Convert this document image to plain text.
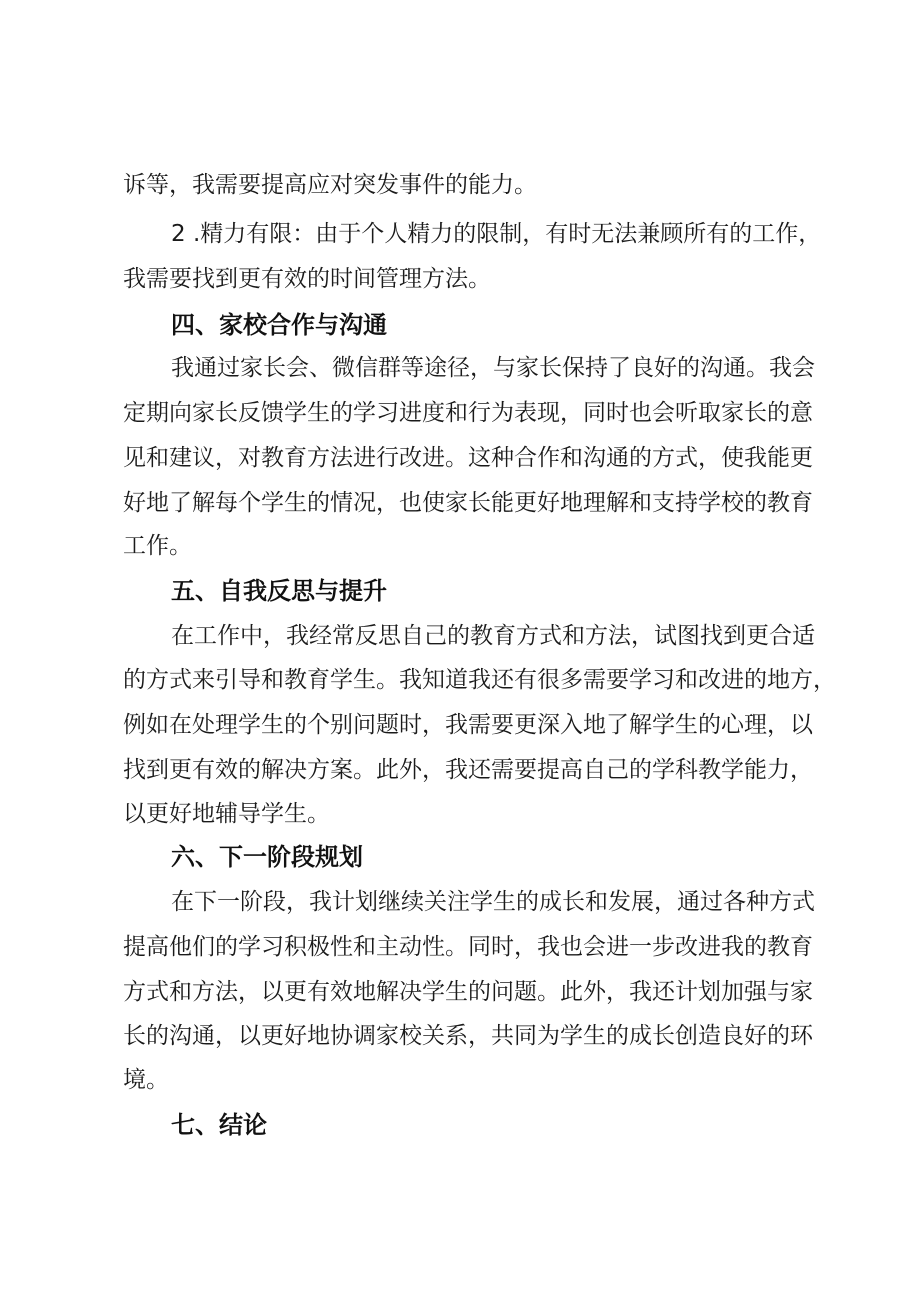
诉等，我需要提高应对突发事件的能力。
2 .精力有限：由于个人精力的限制，有时无法兼顾所有的工作，
我需要找到更有效的时间管理方法。
四、家校合作与沟通
我通过家长会、微信群等途径，与家长保持了良好的沟通。我会
定期向家长反馈学生的学习进度和行为表现，同时也会听取家长的意
见和建议，对教育方法进行改进。这种合作和沟通的方式，使我能更
好地了解每个学生的情况，也使家长能更好地理解和支持学校的教育
工作。
五、自我反思与提升
在工作中，我经常反思自己的教育方式和方法，试图找到更合适
的方式来引导和教育学生。我知道我还有很多需要学习和改进的地方，
例如在处理学生的个别问题时，我需要更深入地了解学生的心理，以
找到更有效的解决方案。此外，我还需要提高自己的学科教学能力，
以更好地辅导学生。
六、下一阶段规划
在下一阶段，我计划继续关注学生的成长和发展，通过各种方式
提高他们的学习积极性和主动性。同时，我也会进一步改进我的教育
方式和方法，以更有效地解决学生的问题。此外，我还计划加强与家
长的沟通，以更好地协调家校关系，共同为学生的成长创造良好的环
境。
七、结论
